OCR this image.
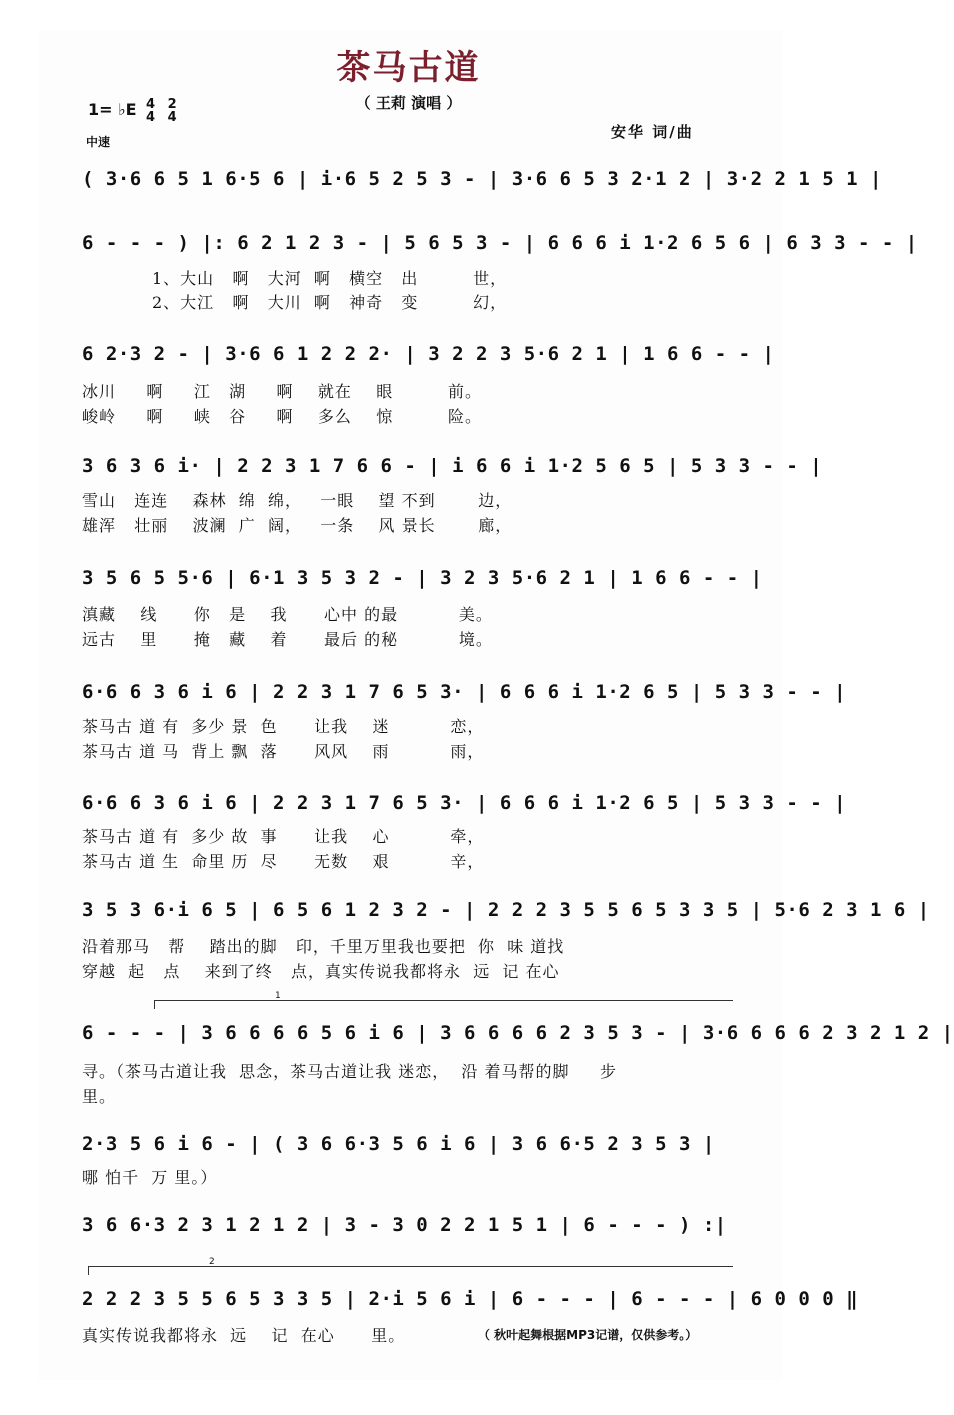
茶马古道
（ 王莉 演唱 ）
1= ♭E 4
4 2
4
中速
安华 词/曲
( 3·6 6 5 1 6·5 6 | i·6 5 2 5 3 - | 3·6 6 5 3 2·1 2 | 3·2 2 1 5 1 |
6 - - - ) |: 6 2 1 2 3 - | 5 6 5 3 - | 6 6 6 i 1·2 6 5 6 | 6 3 3 - - |
1、大山   啊   大河  啊   横空   出         世，
2、大江   啊   大川  啊   神奇   变         幻，
6 2·3 2 - | 3·6 6 1 2 2 2· | 3 2 2 3 5·6 2 1 | 1 6 6 - - |
冰川     啊     江   湖     啊    就在    眼         前。
峻岭     啊     峡   谷     啊    多么    惊         险。
3 6 3 6 i· | 2 2 3 1 7 6 6 - | i 6 6 i 1·2 5 6 5 | 5 3 3 - - |
雪山   连连    森林  绵  绵，   一眼    望 不到       边，
雄浑   壮丽    波澜  广  阔，   一条    风 景长       廊，
3 5 6 5 5·6 | 6·1 3 5 3 2 - | 3 2 3 5·6 2 1 | 1 6 6 - - |
滇藏    线      你   是    我      心中 的最          美。
远古    里      掩   藏    着      最后 的秘          境。
6·6 6 3 6 i 6 | 2 2 3 1 7 6 5 3· | 6 6 6 i 1·2 6 5 | 5 3 3 - - |
茶马古 道 有  多少 景  色      让我    迷          恋，
茶马古 道 马  背上 飘  落      风风    雨          雨，
6·6 6 3 6 i 6 | 2 2 3 1 7 6 5 3· | 6 6 6 i 1·2 6 5 | 5 3 3 - - |
茶马古 道 有  多少 故  事      让我    心          牵，
茶马古 道 生  命里 历  尽      无数    艰          辛，
3 5 3 6·i 6 5 | 6 5 6 1 2 3 2 - | 2 2 2 3 5 5 6 5 3 3 5 | 5·6 2 3 1 6 |
沿着那马   帮    踏出的脚   印，千里万里我也要把  你  味 道找
穿越  起   点    来到了终   点，真实传说我都将永  远  记 在心
1
6 - - - | 3 6 6 6 6 5 6 i 6 | 3 6 6 6 6 2 3 5 3 - | 3·6 6 6 6 2 3 2 1 2 |
寻。（茶马古道让我  思念，茶马古道让我 迷恋，  沿 着马帮的脚     步
里。
2·3 5 6 i 6 - | ( 3 6 6·3 5 6 i 6 | 3 6 6·5 2 3 5 3 |
哪 怕千  万 里。）
3 6 6·3 2 3 1 2 1 2 | 3 - 3 0 2 2 1 5 1 | 6 - - - ) :|
2
2 2 2 3 5 5 6 5 3 3 5 | 2·i 5 6 i | 6 - - - | 6 - - - | 6 0 0 0 ‖
真实传说我都将永  远    记  在心      里。	（ 秋叶起舞根据MP3记谱，仅供参考。）
